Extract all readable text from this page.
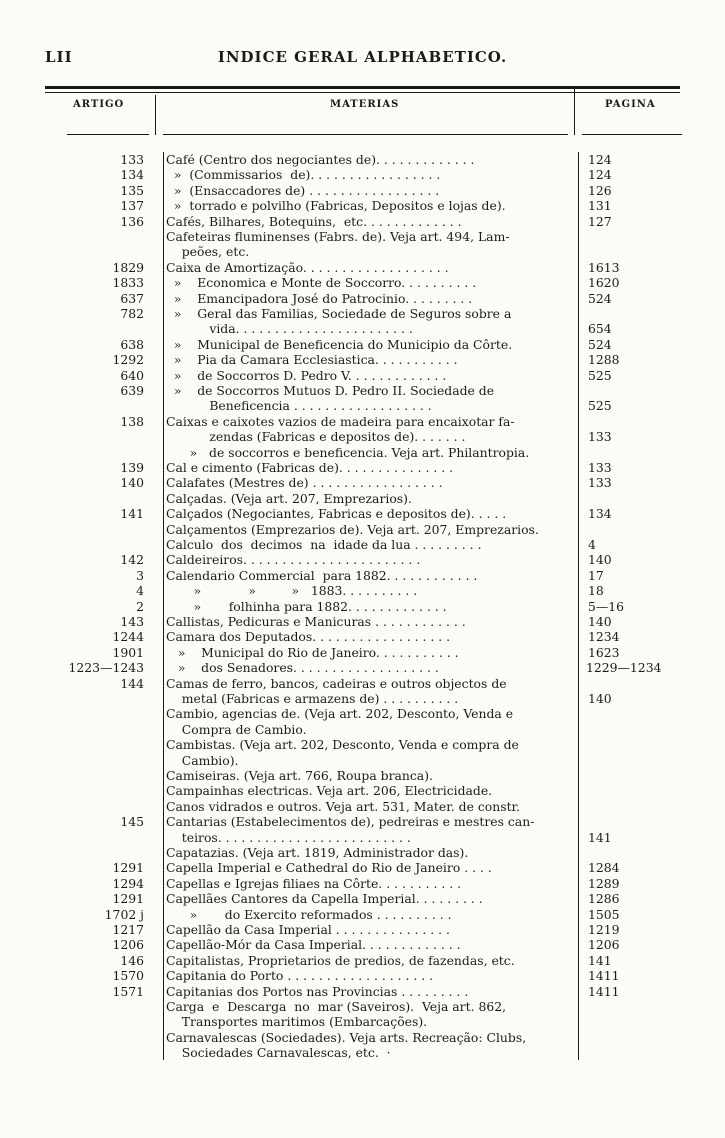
INDICE GERAL ALPHABETICO.
LII
ARTIGO	MATERIAS	PAGINA
133 Café (Centro dos negociantes de). . . . . . . . . . . . .	124
134 »  (Commissarios  de). . . . . . . . . . . . . . . . .	124
135 »  (Ensaccadores de) . . . . . . . . . . . . . . . . .	126
137 »  torrado e polvilho (Fabricas, Depositos e lojas de).	131
136 Cafés, Bilhares, Botequins,  etc. . . . . . . . . . . . .	127
Cafeteiras fluminenses (Fabrs. de). Veja art. 494, Lam-
peões, etc.
1829 Caixa de Amortização. . . . . . . . . . . . . . . . . . .	1613
1833 »    Economica e Monte de Soccorro. . . . . . . . . .	1620
637 »    Emancipadora José do Patrocinio. . . . . . . . .	524
782 »    Geral das Familias, Sociedade de Seguros sobre a
vida. . . . . . . . . . . . . . . . . . . . . . .	654
638 »    Municipal de Beneficencia do Municipio da Côrte.	524
1292 »    Pia da Camara Ecclesiastica. . . . . . . . . . .	1288
640 »    de Soccorros D. Pedro V. . . . . . . . . . . . .	525
639 »    de Soccorros Mutuos D. Pedro II. Sociedade de
Beneficencia . . . . . . . . . . . . . . . . . .	525
138 Caixas e caixotes vazios de madeira para encaixotar fa-
zendas (Fabricas e depositos de). . . . . . .	133
»   de soccorros e beneficencia. Veja art. Philantropia.
139 Cal e cimento (Fabricas de). . . . . . . . . . . . . . .	133
140 Calafates (Mestres de) . . . . . . . . . . . . . . . . .	133
Calçadas. (Veja art. 207, Emprezarios).
141 Calçados (Negociantes, Fabricas e depositos de). . . . .	134
Calçamentos (Emprezarios de). Veja art. 207, Emprezarios.
Calculo  dos  decimos  na  idade da lua . . . . . . . . .	4
142 Caldeireiros. . . . . . . . . . . . . . . . . . . . . . .	140
3 Calendario Commercial  para 1882. . . . . . . . . . . .	17
4 »            »         »   1883. . . . . . . . . .	18
2 »       folhinha para 1882. . . . . . . . . . . . .	5—16
143 Callistas, Pedicuras e Manicuras . . . . . . . . . . . .	140
1244 Camara dos Deputados. . . . . . . . . . . . . . . . . .	1234
1901 »    Municipal do Rio de Janeiro. . . . . . . . . . .	1623
1223—1243 »    dos Senadores. . . . . . . . . . . . . . . . . . .	1229—1234
144 Camas de ferro, bancos, cadeiras e outros objectos de
metal (Fabricas e armazens de) . . . . . . . . . .	140
Cambio, agencias de. (Veja art. 202, Desconto, Venda e
Compra de Cambio.
Cambistas. (Veja art. 202, Desconto, Venda e compra de
Cambio).
Camiseiras. (Veja art. 766, Roupa branca).
Campainhas electricas. Veja art. 206, Electricidade.
Canos vidrados e outros. Veja art. 531, Mater. de constr.
145 Cantarias (Estabelecimentos de), pedreiras e mestres can-
teiros. . . . . . . . . . . . . . . . . . . . . . . . .	141
Capatazias. (Veja art. 1819, Administrador das).
1291 Capella Imperial e Cathedral do Rio de Janeiro . . . .	1284
1294 Capellas e Igrejas filiaes na Côrte. . . . . . . . . . .	1289
1291 Capellães Cantores da Capella Imperial. . . . . . . . .	1286
1702 j »       do Exercito reformados . . . . . . . . . .	1505
1217 Capellão da Casa Imperial . . . . . . . . . . . . . . .	1219
1206 Capellão-Mór da Casa Imperial. . . . . . . . . . . . .	1206
146 Capitalistas, Proprietarios de predios, de fazendas, etc.	141
1570 Capitania do Porto . . . . . . . . . . . . . . . . . . .	1411
1571 Capitanias dos Portos nas Provincias . . . . . . . . .	1411
Carga  e  Descarga  no  mar (Saveiros).  Veja art. 862,
Transportes maritimos (Embarcações).
Carnavalescas (Sociedades). Veja arts. Recreação: Clubs,
Sociedades Carnavalescas, etc.  ·
